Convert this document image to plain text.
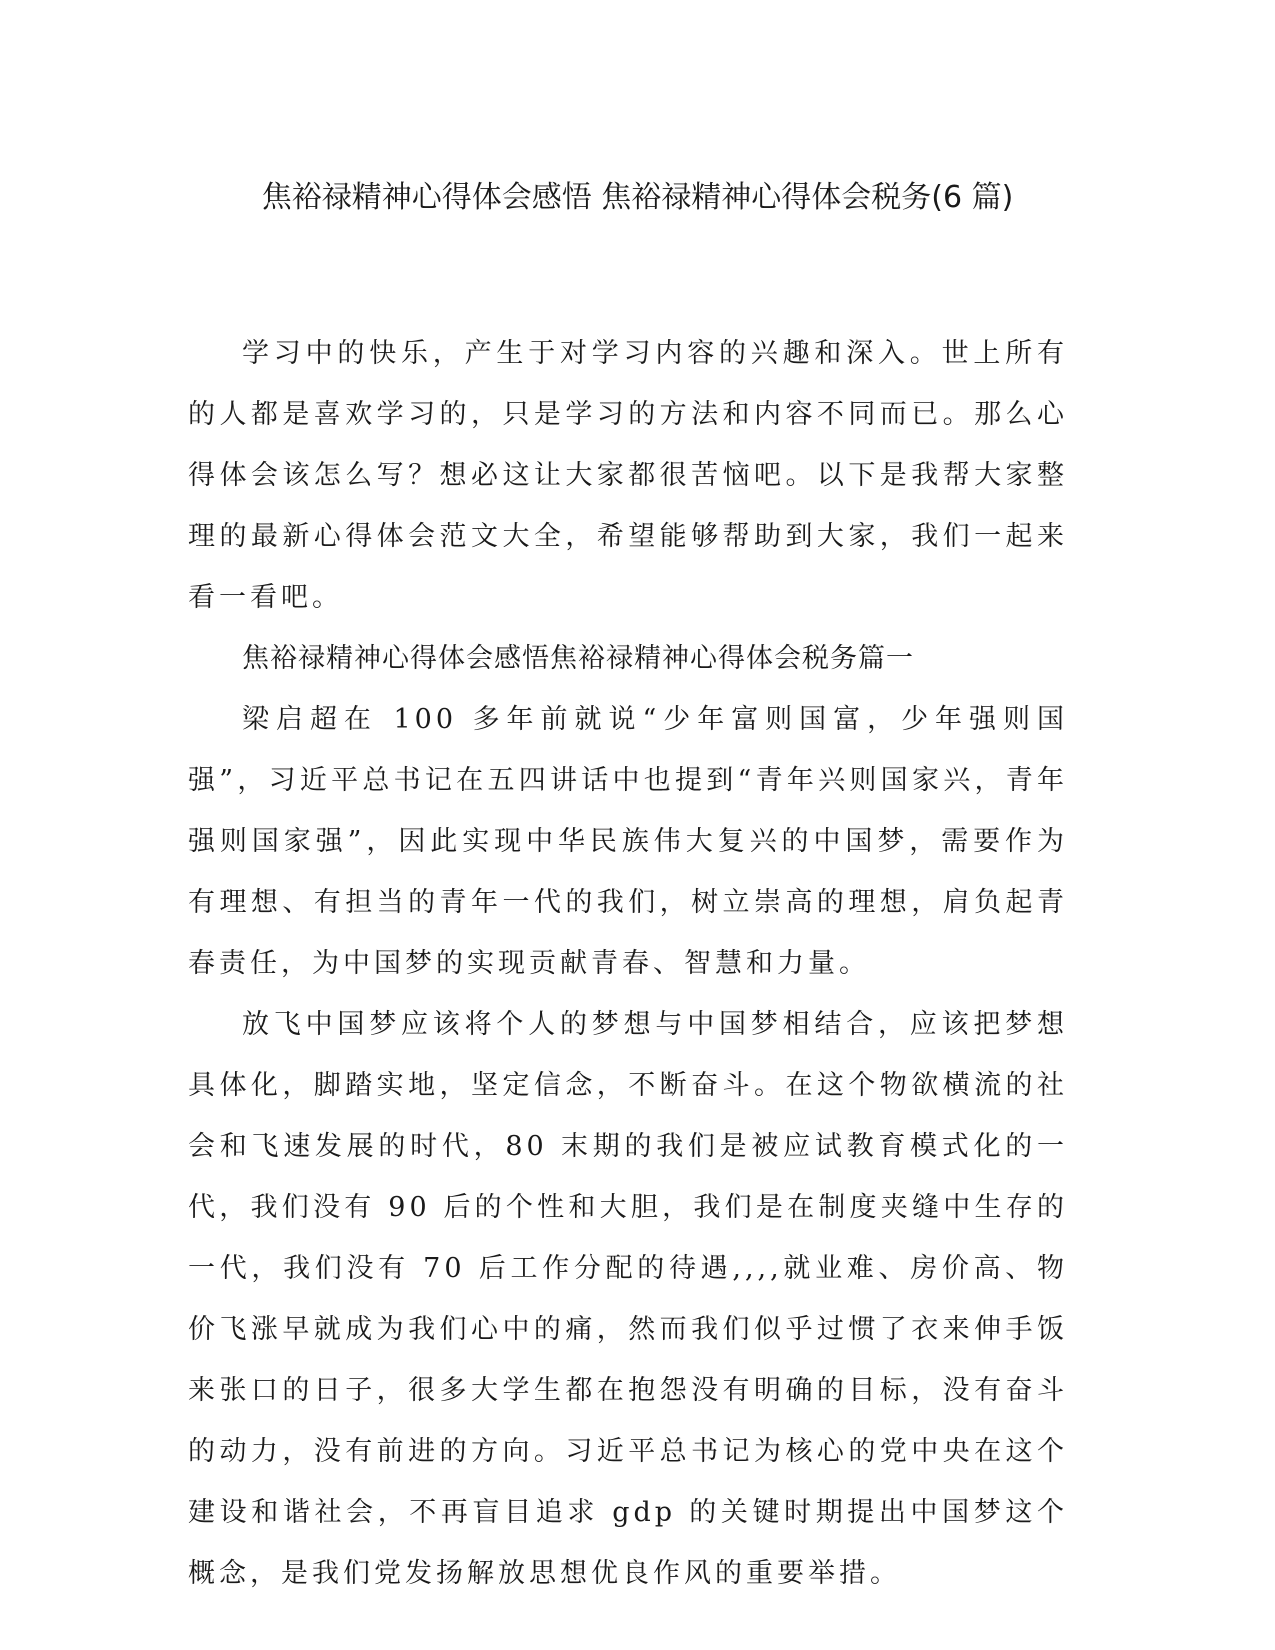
焦裕禄精神心得体会感悟 焦裕禄精神心得体会税务(6 篇)

学习中的快乐，产生于对学习内容的兴趣和深入。世上所有的人都是喜欢学习的，只是学习的方法和内容不同而已。那么心得体会该怎么写？想必这让大家都很苦恼吧。以下是我帮大家整理的最新心得体会范文大全，希望能够帮助到大家，我们一起来看一看吧。

焦裕禄精神心得体会感悟焦裕禄精神心得体会税务篇一

梁启超在 100 多年前就说“少年富则国富，少年强则国强”，习近平总书记在五四讲话中也提到“青年兴则国家兴，青年强则国家强”，因此实现中华民族伟大复兴的中国梦，需要作为有理想、有担当的青年一代的我们，树立崇高的理想，肩负起青春责任，为中国梦的实现贡献青春、智慧和力量。

放飞中国梦应该将个人的梦想与中国梦相结合，应该把梦想具体化，脚踏实地，坚定信念，不断奋斗。在这个物欲横流的社会和飞速发展的时代，80 末期的我们是被应试教育模式化的一代，我们没有 90 后的个性和大胆，我们是在制度夹缝中生存的一代，我们没有 70 后工作分配的待遇,,,,就业难、房价高、物价飞涨早就成为我们心中的痛，然而我们似乎过惯了衣来伸手饭来张口的日子，很多大学生都在抱怨没有明确的目标，没有奋斗的动力，没有前进的方向。习近平总书记为核心的党中央在这个建设和谐社会，不再盲目追求 gdp 的关键时期提出中国梦这个概念，是我们党发扬解放思想优良作风的重要举措。
